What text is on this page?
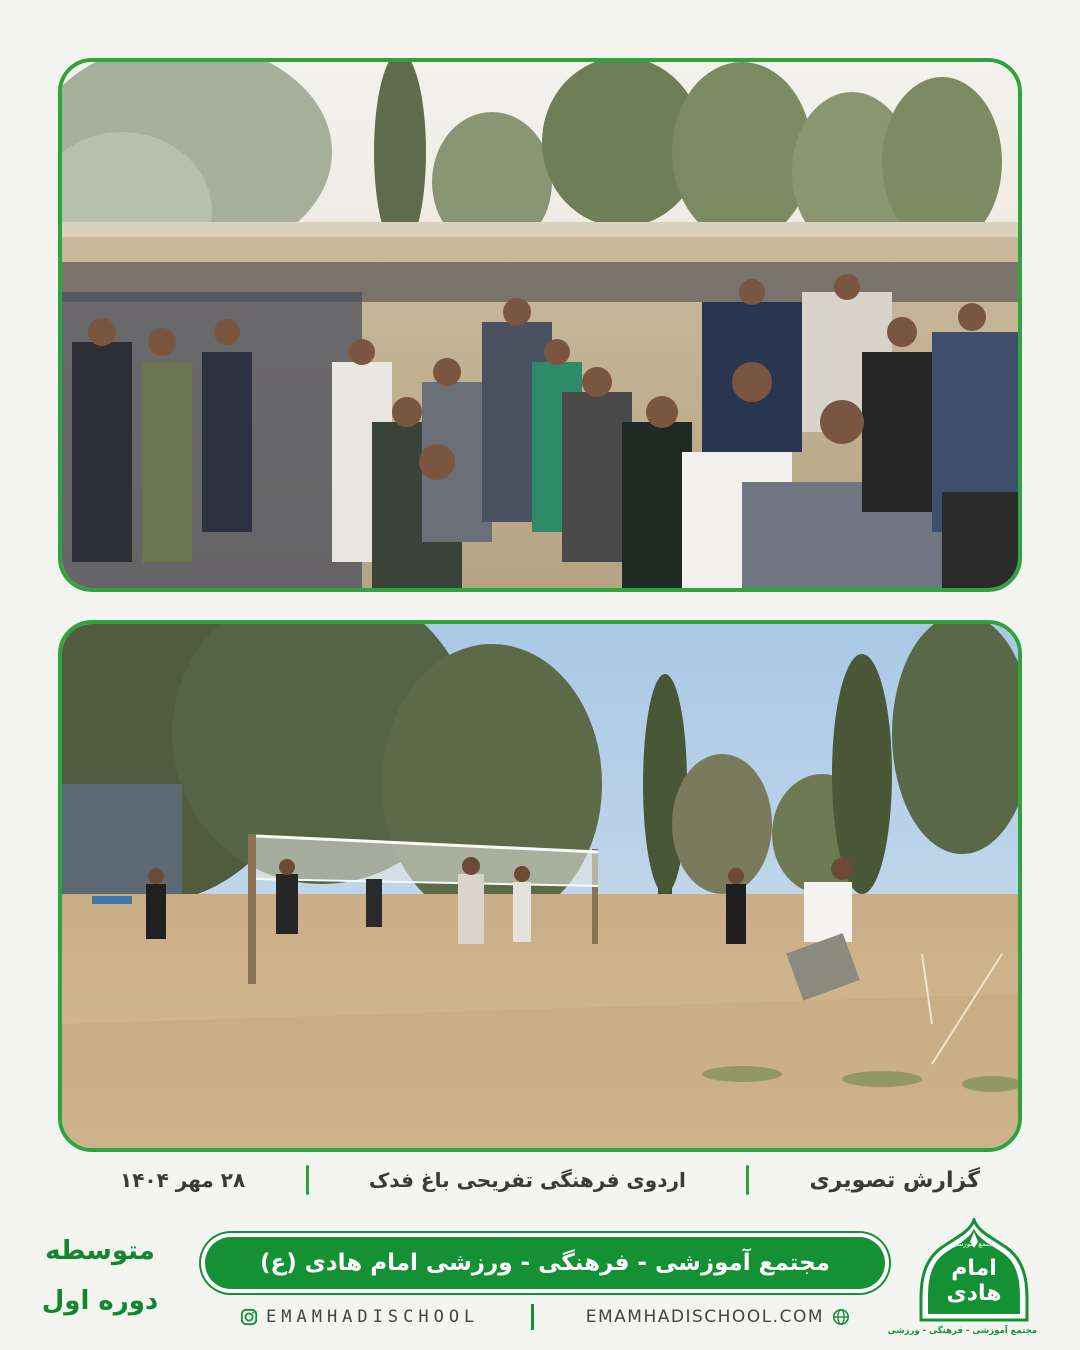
گزارش تصویری
اردوی فرهنگی تفریحی باغ فدک
۲۸ مهر ۱۴۰۴
مجتمع آموزشی - فرهنگی - ورزشی امام هادی (ع)
متوسطه
دوره اول
EMAMHADISCHOOL	EMAMHADISCHOOL.COM
مجتمع آموزشی
امام هادی
مجتمع آموزشی - فرهنگی - ورزشی
